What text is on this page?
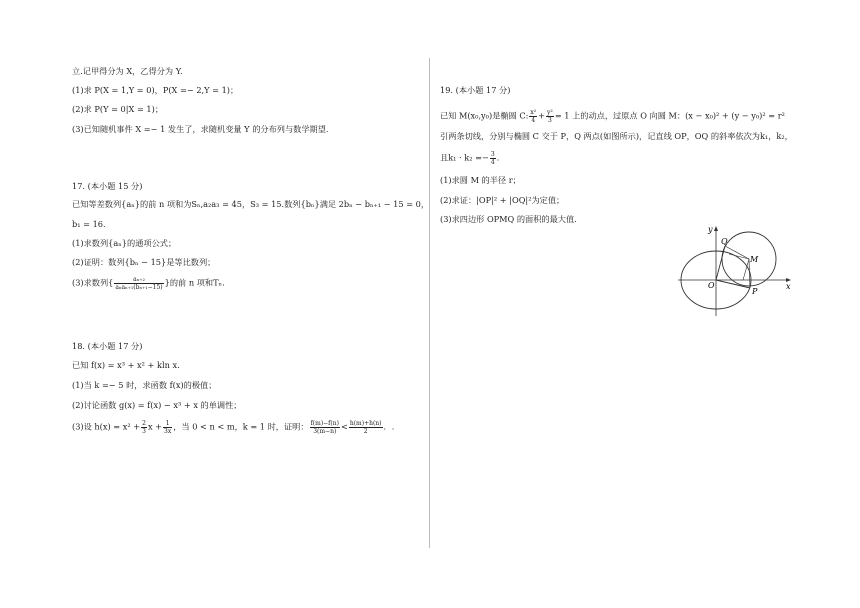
立.记甲得分为 X，乙得分为 Y.
(1)求 P(X = 1,Y = 0)，P(X =− 2,Y = 1)；
(2)求 P(Y = 0|X = 1)；
(3)已知随机事件 X =− 1 发生了，求随机变量 Y 的分布列与数学期望.
17. (本小题 15 分)
已知等差数列{aₙ}的前 n 项和为Sₙ,a₂a₃ = 45，S₃ = 15.数列{bₙ}满足 2bₙ − bₙ₊₁ − 15 = 0，
b₁ = 16．
(1)求数列{aₙ}的通项公式；
(2)证明：数列{bₙ − 15}是等比数列；
(3)求数列{ $\frac{\text{aₙ₊₂}}{\text{aₙaₙ₊₁(bₙ₊₁−15)}}$ }的前 n 项和Tₙ.
18. (本小题 17 分)
已知 f(x) = x³ + x² + kln x.
(1)当 k =− 5 时，求函数 f(x)的极值；
(2)讨论函数 g(x) = f(x) − x³ + x 的单调性；
(3)设 $h(x) = x^2 + \frac{2}{3}$ $x + \frac{1}{3x}$ ，当 0 < n < m，k = 1 时，证明： $\frac{f(m)-f(n)}{3(m-n)} < \frac{h(m)+h(n)}{2}$ ．.
19. (本小题 17 分)
已知 M(x₀,y₀)是椭圆 C: $\frac{\text{x²}}{4} + \frac{\text{y²}}{3} = 1$ 上的动点，过原点 O 向圆 M：(x − x₀)² + (y − y₀)² = r²
引两条切线，分别与椭圆 C 交于 P，Q 两点(如图所示)，记直线 OP，OQ 的斜率依次为k₁，k₂，
且$k_1 \cdot k_2 =- \frac{3}{4}$ .
(1)求圆 M 的半径 r；
(2)求证：|OP|² + |OQ|²为定值；
(3)求四边形 OPMQ 的面积的最大值.
y
x
O
Q
M
P
